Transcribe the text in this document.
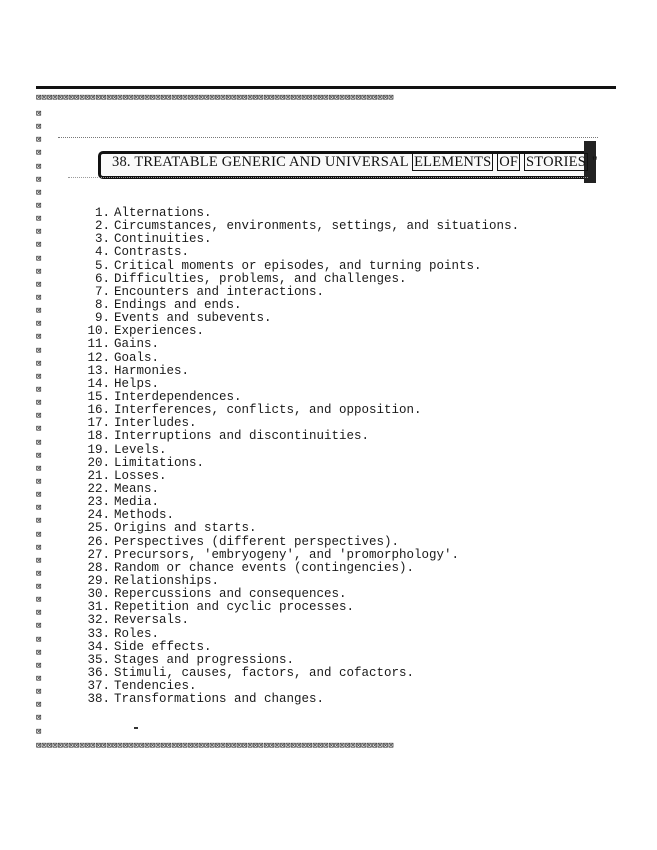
⊠⊠⊠⊠⊠⊠⊠⊠⊠⊠⊠⊠⊠⊠⊠⊠⊠⊠⊠⊠⊠⊠⊠⊠⊠⊠⊠⊠⊠⊠⊠⊠⊠⊠⊠⊠⊠⊠⊠⊠⊠⊠⊠⊠⊠⊠⊠⊠⊠⊠⊠⊠⊠⊠⊠⊠⊠⊠⊠⊠⊠⊠⊠⊠⊠⊠
⊠
⊠
⊠
⊠
⊠
⊠
⊠
⊠
⊠
⊠
⊠
⊠
⊠
⊠
⊠
⊠
⊠
⊠
⊠
⊠
⊠
⊠
⊠
⊠
⊠
⊠
⊠
⊠
⊠
⊠
⊠
⊠
⊠
⊠
⊠
⊠
⊠
⊠
⊠
⊠
⊠
⊠
⊠
⊠
⊠
⊠
⊠
⊠
⊠⊠⊠⊠⊠⊠⊠⊠⊠⊠⊠⊠⊠⊠⊠⊠⊠⊠⊠⊠⊠⊠⊠⊠⊠⊠⊠⊠⊠⊠⊠⊠⊠⊠⊠⊠⊠⊠⊠⊠⊠⊠⊠⊠⊠⊠⊠⊠⊠⊠⊠⊠⊠⊠⊠⊠⊠⊠⊠⊠⊠⊠⊠⊠⊠⊠
38. TREATABLE GENERIC AND UNIVERSAL ELEMENTS OF STORIES "
1. Alternations.
2. Circumstances, environments, settings, and situations.
3. Continuities.
4. Contrasts.
5. Critical moments or episodes, and turning points.
6. Difficulties, problems, and challenges.
7. Encounters and interactions.
8. Endings and ends.
9. Events and subevents.
10. Experiences.
11. Gains.
12. Goals.
13. Harmonies.
14. Helps.
15. Interdependences.
16. Interferences, conflicts, and opposition.
17. Interludes.
18. Interruptions and discontinuities.
19. Levels.
20. Limitations.
21. Losses.
22. Means.
23. Media.
24. Methods.
25. Origins and starts.
26. Perspectives (different perspectives).
27. Precursors, 'embryogeny', and 'promorphology'.
28. Random or chance events (contingencies).
29. Relationships.
30. Repercussions and consequences.
31. Repetition and cyclic processes.
32. Reversals.
33. Roles.
34. Side effects.
35. Stages and progressions.
36. Stimuli, causes, factors, and cofactors.
37. Tendencies.
38. Transformations and changes.
